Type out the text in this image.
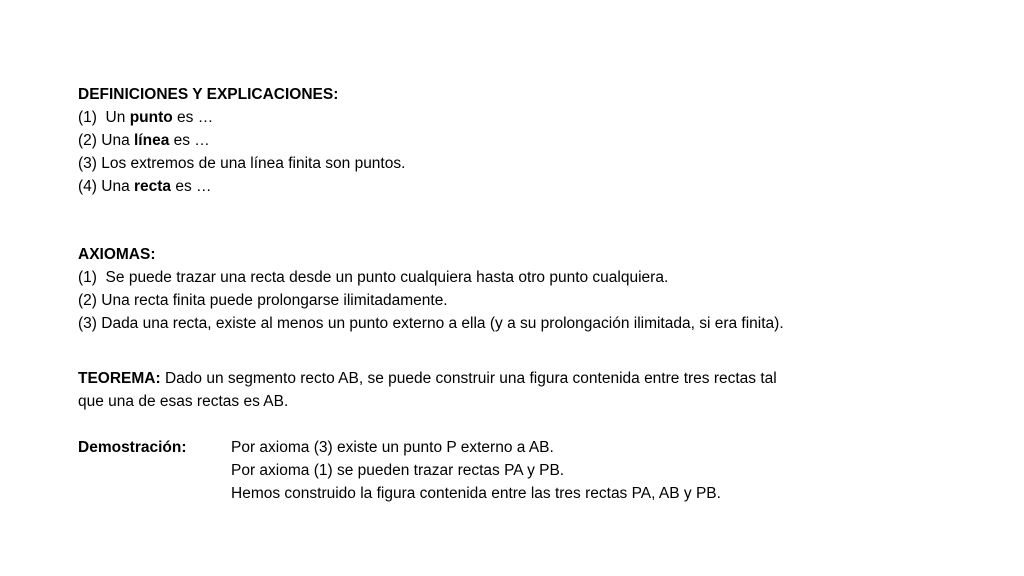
DEFINICIONES Y EXPLICACIONES:
(1)  Un punto es …
(2) Una línea es …
(3) Los extremos de una línea finita son puntos.
(4) Una recta es …
AXIOMAS:
(1)  Se puede trazar una recta desde un punto cualquiera hasta otro punto cualquiera.
(2) Una recta finita puede prolongarse ilimitadamente.
(3) Dada una recta, existe al menos un punto externo a ella (y a su prolongación ilimitada, si era finita).
TEOREMA: Dado un segmento recto AB, se puede construir una figura contenida entre tres rectas tal
que una de esas rectas es AB.
Demostración:	Por axioma (3) existe un punto P externo a AB.
Por axioma (1) se pueden trazar rectas PA y PB.
Hemos construido la figura contenida entre las tres rectas PA, AB y PB.
